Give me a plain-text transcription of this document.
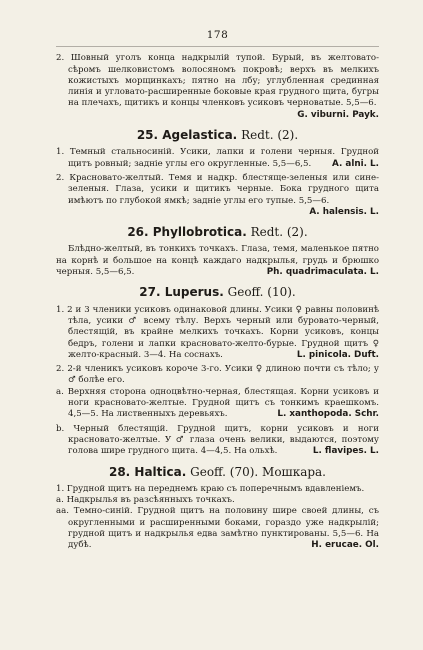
178
2. Шовный уголъ конца надкрылій тупой. Бурый, въ желтовато-сѣромъ шелковистомъ волосяномъ покровѣ; верхъ въ мелкихъ кожистыхъ морщинкахъ; пятно на лбу; углубленная срединная линія и угловато-расширенные боковые края грудного щита, бугры на плечахъ, щитикъ и концы членковъ усиковъ черноватые. 5,5—6.
G. viburni. Payk.
25. Agelastica. Redt. (2).
1. Темный стальносиній. Усики, лапки и голени черныя. Грудной щитъ ровный; заднiе углы его округленные. 5,5—6,5. A. alni. L.
2. Красновато-желтый. Темя и надкр. блестяще-зеленыя или сине-зеленыя. Глаза, усики и щитикъ черные. Бока грудного щита имѣютъ по глубокой ямкѣ; задніе углы его тупые. 5,5—6.
A. halensis. L.
26. Phyllobrotica. Redt. (2).
Блѣдно-желтый, въ тонкихъ точкахъ. Глаза, темя, маленькое пятно на корнѣ и большое на концѣ каждаго надкрылья, грудь и брюшко черныя. 5,5—6,5.	Ph. quadrimaculata. L.
27. Luperus. Geoff. (10).
1. 2 и 3 членики усиковъ одинаковой длины. Усики ♀ равны половинѣ тѣла, усики ♂ всему тѣлу. Верхъ черный или буровато-черный, блестящій, въ крайне мелкихъ точкахъ. Корни усиковъ, концы бедръ, голени и лапки красновато-желто-бурые. Грудной щитъ ♀ желто-красный. 3—4. На соснахъ.	L. pinicola. Duft.
2. 2-й членикъ усиковъ короче 3-го. Усики ♀ длиною почти съ тѣло; у ♂ болѣе его.
a. Верхняя сторона одноцвѣтно-черная, блестящая. Корни усиковъ и ноги красновато-желтые. Грудной щитъ съ тонкимъ краешкомъ. 4,5—5. На лиственныхъ деревьяхъ.	L. xanthopoda. Schr.
b. Черный блестящій. Грудной щитъ, корни усиковъ и ноги красновато-желтые. У ♂ глаза очень велики, выдаются, поэтому голова шире грудного щита. 4—4,5. На ольхѣ.	L. flavipes. L.
28. Haltica. Geoff. (70). Мошкара.
1. Грудной щитъ на переднемъ краю съ поперечнымъ вдавленіемъ.
a. Надкрылья въ разсѣянныхъ точкахъ.
aa. Темно-синій. Грудной щитъ на половину шире своей длины, съ округленными и расширенными боками, гораздо уже надкрылій; грудной щитъ и надкрылья едва замѣтно пунктированы. 5,5—6. На дубѣ.	H. erucae. Ol.
